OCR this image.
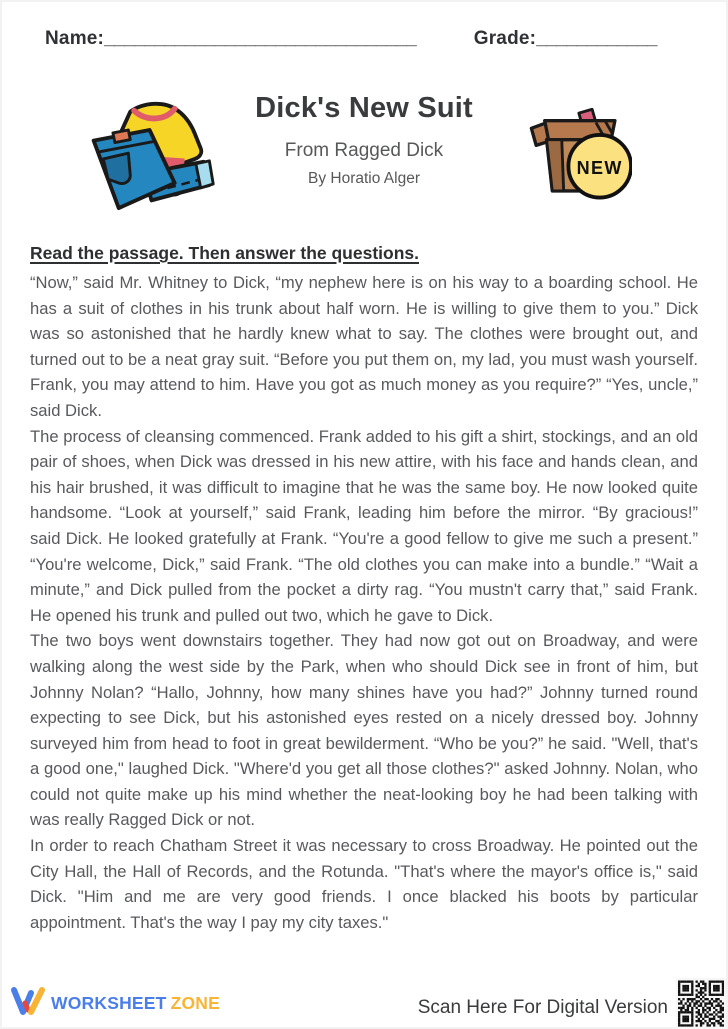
Name:_______________________________	Grade:____________
Dick's New Suit
From Ragged Dick
By Horatio Alger
NEW
Read the passage. Then answer the questions.

“Now,” said Mr. Whitney to Dick, “my nephew here is on his way to a boarding school. He has a suit of clothes in his trunk about half worn. He is willing to give them to you.” Dick was so astonished that he hardly knew what to say. The clothes were brought out, and turned out to be a neat gray suit. “Before you put them on, my lad, you must wash yourself. Frank, you may attend to him. Have you got as much money as you require?” “Yes, uncle,” said Dick.

The process of cleansing commenced. Frank added to his gift a shirt, stockings, and an old pair of shoes, when Dick was dressed in his new attire, with his face and hands clean, and his hair brushed, it was difficult to imagine that he was the same boy. He now looked quite handsome. “Look at yourself,” said Frank, leading him before the mirror. “By gracious!” said Dick. He looked gratefully at Frank. “You're a good fellow to give me such a present.” “You're welcome, Dick,” said Frank. “The old clothes you can make into a bundle.” “Wait a minute,” and Dick pulled from the pocket a dirty rag. “You mustn't carry that,” said Frank. He opened his trunk and pulled out two, which he gave to Dick.

The two boys went downstairs together. They had now got out on Broadway, and were walking along the west side by the Park, when who should Dick see in front of him, but Johnny Nolan? “Hallo, Johnny, how many shines have you had?” Johnny turned round expecting to see Dick, but his astonished eyes rested on a nicely dressed boy. Johnny surveyed him from head to foot in great bewilderment. “Who be you?” he said. "Well, that's a good one," laughed Dick. "Where'd you get all those clothes?" asked Johnny. Nolan, who could not quite make up his mind whether the neat-looking boy he had been talking with was really Ragged Dick or not.

In order to reach Chatham Street it was necessary to cross Broadway. He pointed out the City Hall, the Hall of Records, and the Rotunda. "That's where the mayor's office is," said Dick. "Him and me are very good friends. I once blacked his boots by particular appointment. That's the way I pay my city taxes."

WORKSHEET ZONE	Scan Here For Digital Version
